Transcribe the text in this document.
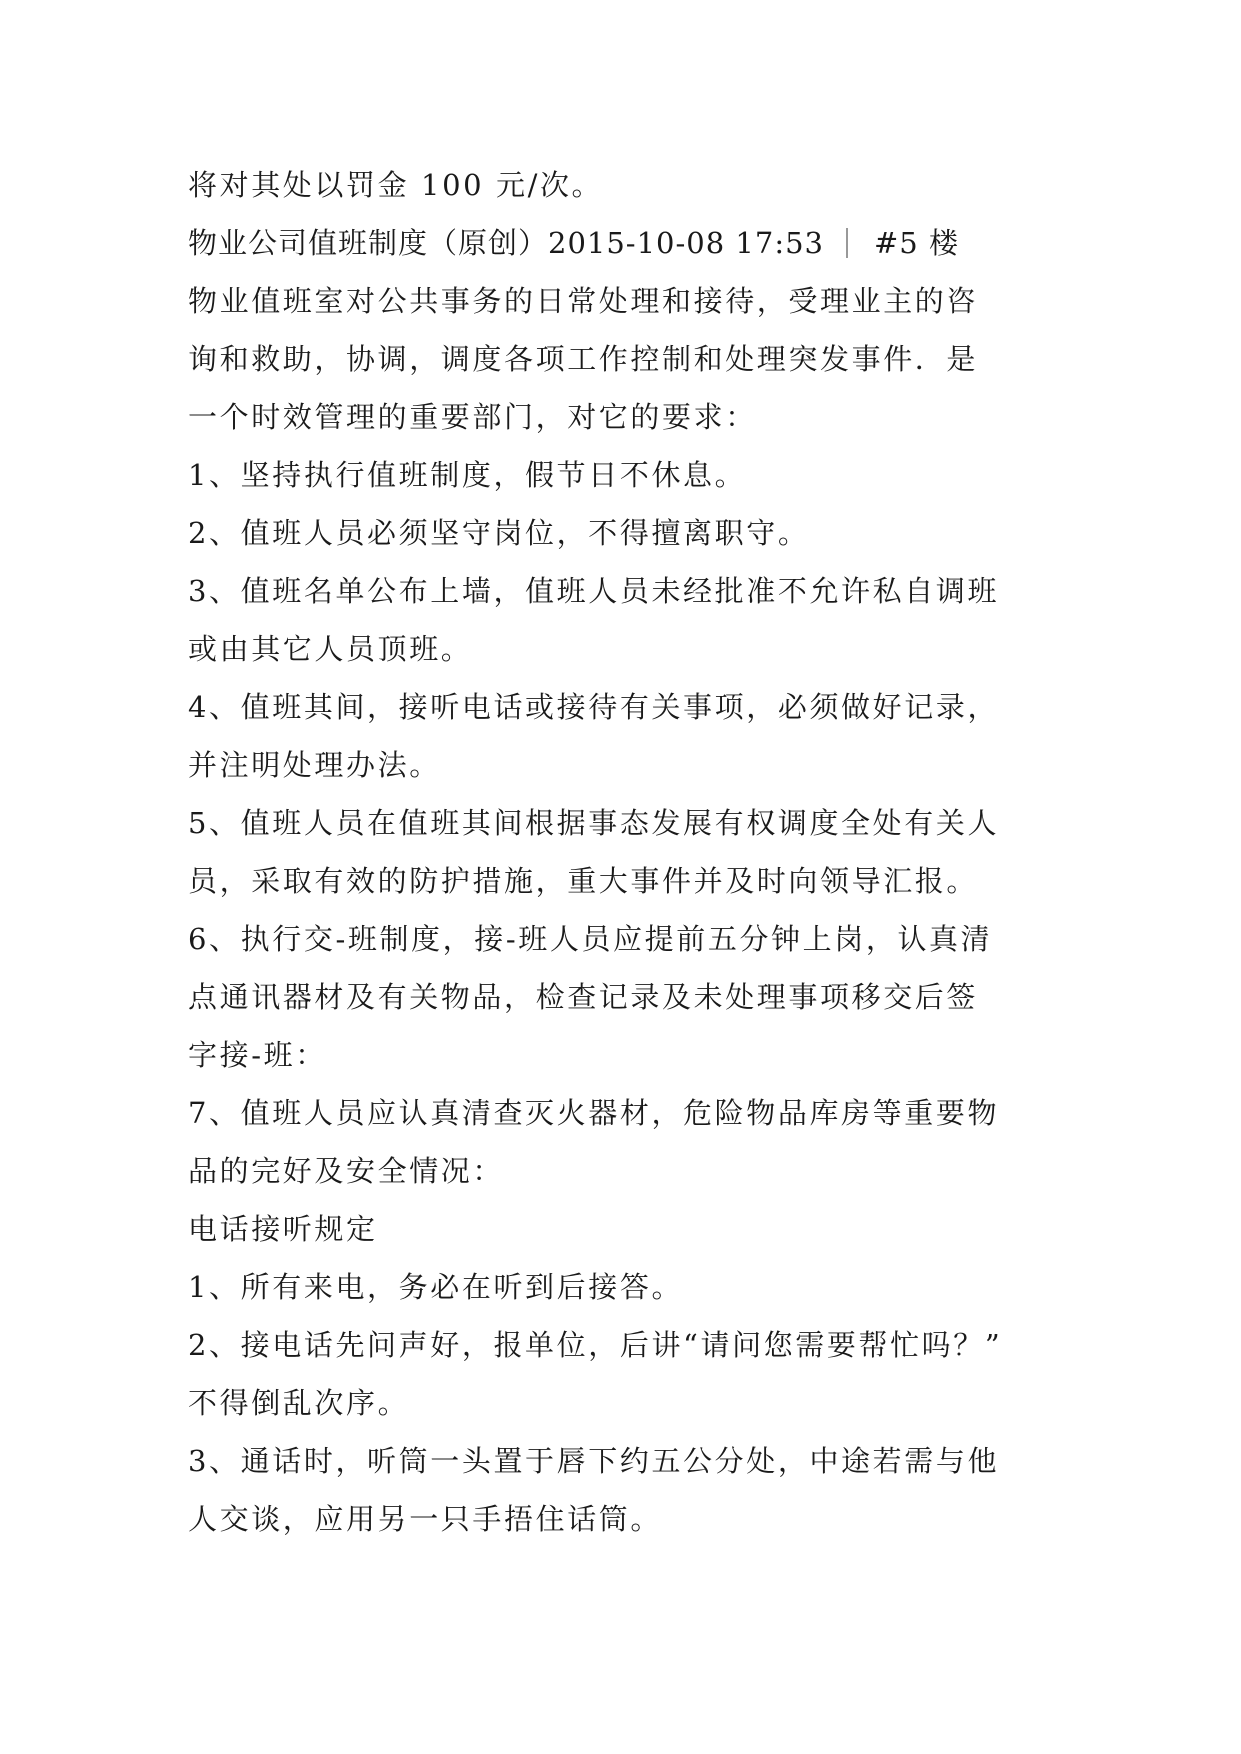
将对其处以罚金 100 元/次。
物业公司值班制度（原创）2015-10-08 17:53 #5 楼
物业值班室对公共事务的日常处理和接待，受理业主的咨
询和救助，协调，调度各项工作控制和处理突发事件．是
一个时效管理的重要部门，对它的要求：
1、坚持执行值班制度，假节日不休息。
2、值班人员必须坚守岗位，不得擅离职守。
3、值班名单公布上墙，值班人员未经批准不允许私自调班
或由其它人员顶班。
4、值班其间，接听电话或接待有关事项，必须做好记录，
并注明处理办法。
5、值班人员在值班其间根据事态发展有权调度全处有关人
员，采取有效的防护措施，重大事件并及时向领导汇报。
6、执行交-班制度，接-班人员应提前五分钟上岗，认真清
点通讯器材及有关物品，检查记录及未处理事项移交后签
字接-班：
7、值班人员应认真清查灭火器材，危险物品库房等重要物
品的完好及安全情况：
电话接听规定
1、所有来电，务必在听到后接答。
2、接电话先问声好，报单位，后讲“请问您需要帮忙吗？”
不得倒乱次序。
3、通话时，听筒一头置于唇下约五公分处，中途若需与他
人交谈，应用另一只手捂住话筒。
